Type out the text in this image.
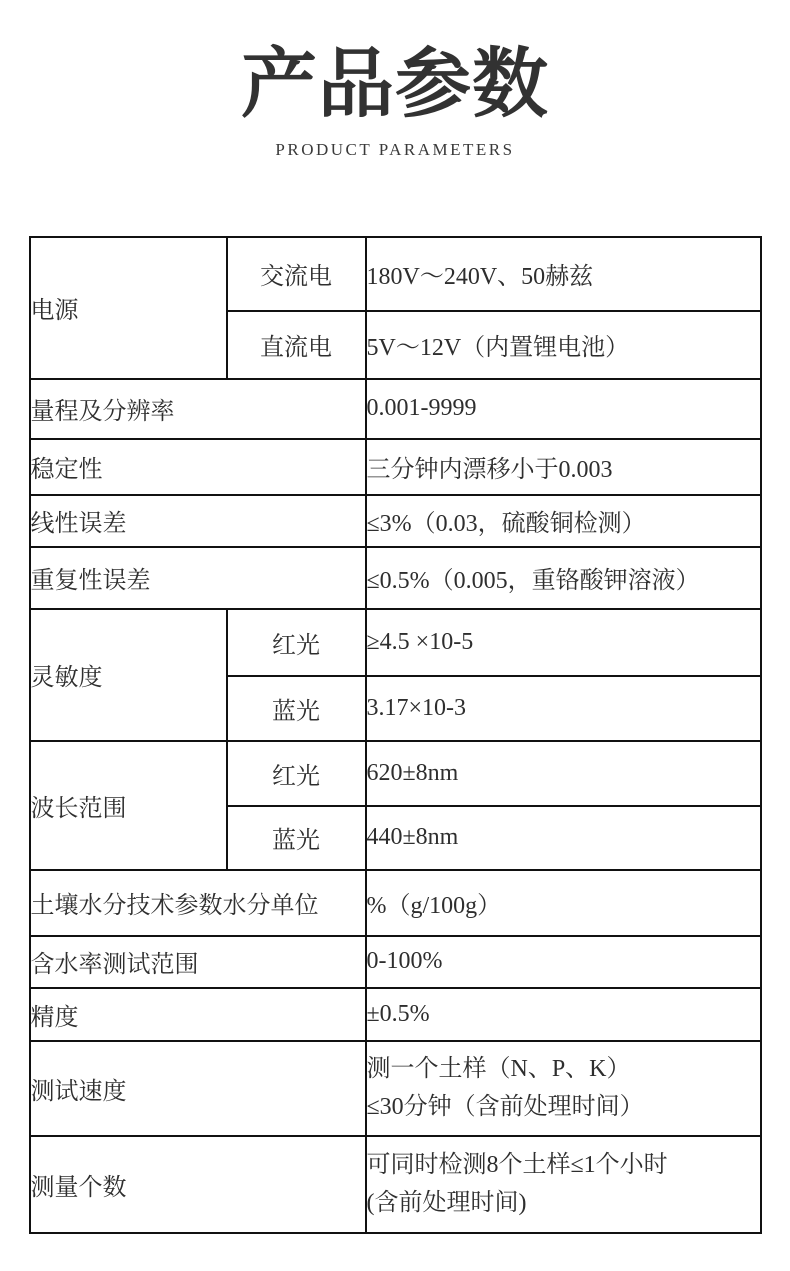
产品参数
PRODUCT PARAMETERS
电源	交流电	180V～240V、50赫兹
	直流电	5V～12V（内置锂电池）
量程及分辨率		0.001-9999
稳定性		三分钟内漂移小于0.003
线性误差		≤3%（0.03，硫酸铜检测）
重复性误差		≤0.5%（0.005，重铬酸钾溶液）
灵敏度	红光	≥4.5 ×10-5
	蓝光	3.17×10-3
波长范围	红光	620±8nm
	蓝光	440±8nm
土壤水分技术参数水分单位		%（g/100g）
含水率测试范围		0-100%
精度		±0.5%
测试速度		测一个土样（N、P、K）
≤30分钟（含前处理时间）

测量个数		可同时检测8个土样≤1个小时
(含前处理时间)
